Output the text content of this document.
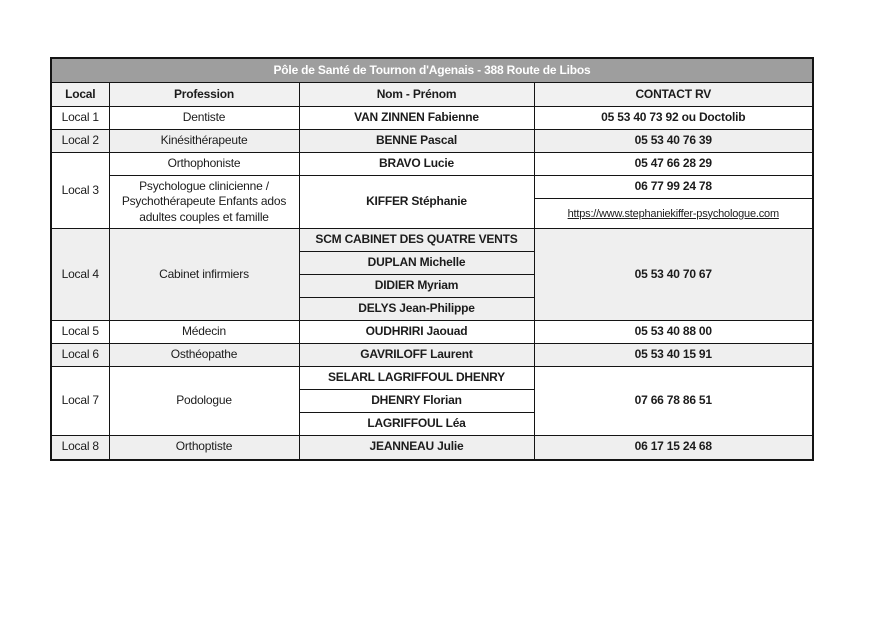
Pôle de Santé de Tournon d'Agenais - 388 Route de Libos			
Local	Profession	Nom - Prénom	CONTACT RV
Local 1	Dentiste	VAN ZINNEN Fabienne	05 53 40 73 92 ou Doctolib
Local 2	Kinésithérapeute	BENNE Pascal	05 53 40 76 39
Local 3	Orthophoniste	BRAVO Lucie	05 47 66 28 29
	Psychologue clinicienne / Psychothérapeute Enfants ados adultes couples et famille	KIFFER Stéphanie	06 77 99 24 78
			https://www.stephaniekiffer-psychologue.com
Local 4	Cabinet infirmiers	SCM CABINET DES QUATRE VENTS	05 53 40 70 67
		DUPLAN Michelle	
		DIDIER Myriam	
		DELYS Jean-Philippe	
Local 5	Médecin	OUDHRIRI Jaouad	05 53 40 88 00
Local 6	Osthéopathe	GAVRILOFF Laurent	05 53 40 15 91
Local 7	Podologue	SELARL LAGRIFFOUL DHENRY	07 66 78 86 51
		DHENRY Florian	
		LAGRIFFOUL Léa	
Local 8	Orthoptiste	JEANNEAU Julie	06 17 15 24 68
